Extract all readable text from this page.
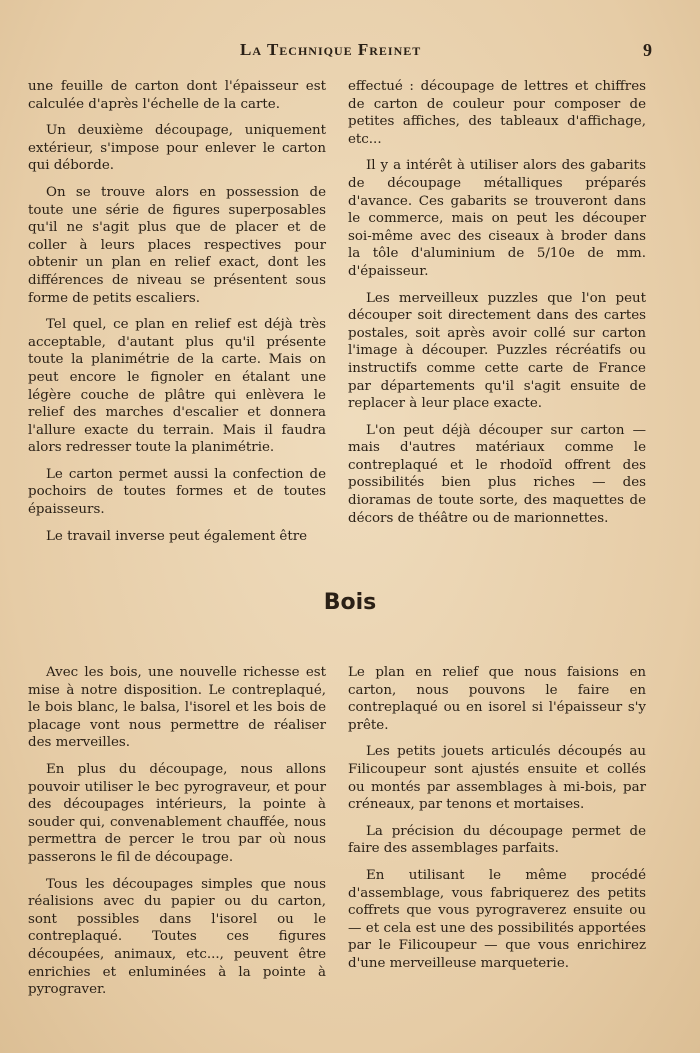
La Technique Freinet	9

une feuille de carton dont l'épaisseur est calculée d'après l'échelle de la carte.

Un deuxième découpage, uniquement extérieur, s'impose pour enlever le carton qui déborde.

On se trouve alors en possession de toute une série de figures superposables qu'il ne s'agit plus que de placer et de coller à leurs places respectives pour obtenir un plan en relief exact, dont les différences de niveau se présentent sous forme de petits escaliers.

Tel quel, ce plan en relief est déjà très acceptable, d'autant plus qu'il présente toute la planimétrie de la carte. Mais on peut encore le fignoler en étalant une légère couche de plâtre qui enlèvera le relief des marches d'escalier et donnera l'allure exacte du terrain. Mais il faudra alors redresser toute la planimétrie.

Le carton permet aussi la confection de pochoirs de toutes formes et de toutes épaisseurs.

Le travail inverse peut également être

effectué : découpage de lettres et chiffres de carton de couleur pour composer de petites affiches, des tableaux d'affichage, etc...

Il y a intérêt à utiliser alors des gabarits de découpage métalliques préparés d'avance. Ces gabarits se trouveront dans le commerce, mais on peut les découper soi-même avec des ciseaux à broder dans la tôle d'aluminium de 5/10e de mm. d'épaisseur.

Les merveilleux puzzles que l'on peut découper soit directement dans des cartes postales, soit après avoir collé sur carton l'image à découper. Puzzles récréatifs ou instructifs comme cette carte de France par départements qu'il s'agit ensuite de replacer à leur place exacte.

L'on peut déjà découper sur carton — mais d'autres matériaux comme le contreplaqué et le rhodoïd offrent des possibilités bien plus riches — des dioramas de toute sorte, des maquettes de décors de théâtre ou de marionnettes.

Bois

Avec les bois, une nouvelle richesse est mise à notre disposition. Le contreplaqué, le bois blanc, le balsa, l'isorel et les bois de placage vont nous permettre de réaliser des merveilles.

En plus du découpage, nous allons pouvoir utiliser le bec pyrograveur, et pour des découpages intérieurs, la pointe à souder qui, convenablement chauffée, nous permettra de percer le trou par où nous passerons le fil de découpage.

Tous les découpages simples que nous réalisions avec du papier ou du carton, sont possibles dans l'isorel ou le contreplaqué. Toutes ces figures découpées, animaux, etc..., peuvent être enrichies et enluminées à la pointe à pyrograver.

Le plan en relief que nous faisions en carton, nous pouvons le faire en contreplaqué ou en isorel si l'épaisseur s'y prête.

Les petits jouets articulés découpés au Filicoupeur sont ajustés ensuite et collés ou montés par assemblages à mi-bois, par créneaux, par tenons et mortaises.

La précision du découpage permet de faire des assemblages parfaits.

En utilisant le même procédé d'assemblage, vous fabriquerez des petits coffrets que vous pyrograverez ensuite ou — et cela est une des possibilités apportées par le Filicoupeur — que vous enrichirez d'une merveilleuse marqueterie.
